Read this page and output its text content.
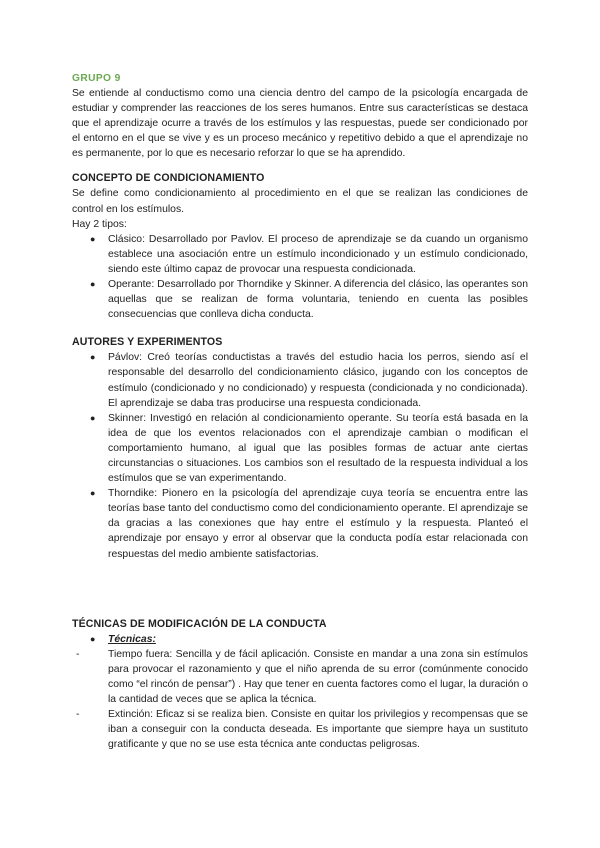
GRUPO 9

Se entiende al conductismo como una ciencia dentro del campo de la psicología encargada de estudiar y comprender las reacciones de los seres humanos. Entre sus características se destaca que el aprendizaje ocurre a través de los estímulos y las respuestas, puede ser condicionado por el entorno en el que se vive y es un proceso mecánico y repetitivo debido a que el aprendizaje no es permanente, por lo que es necesario reforzar lo que se ha aprendido.

CONCEPTO DE CONDICIONAMIENTO

Se define como condicionamiento al procedimiento en el que se realizan las condiciones de control en los estímulos.

Hay 2 tipos:

● Clásico: Desarrollado por Pavlov. El proceso de aprendizaje se da cuando un organismo establece una asociación entre un estímulo incondicionado y un estímulo condicionado, siendo este último capaz de provocar una respuesta condicionada.
● Operante: Desarrollado por Thorndike y Skinner. A diferencia del clásico, las operantes son aquellas que se realizan de forma voluntaria, teniendo en cuenta las posibles consecuencias que conlleva dicha conducta.
AUTORES Y EXPERIMENTOS
● Pávlov: Creó teorías conductistas a través del estudio hacia los perros, siendo así el responsable del desarrollo del condicionamiento clásico, jugando con los conceptos de estímulo (condicionado y no condicionado) y respuesta (condicionada y no condicionada). El aprendizaje se daba tras producirse una respuesta condicionada.
● Skinner: Investigó en relación al condicionamiento operante. Su teoría está basada en la idea de que los eventos relacionados con el aprendizaje cambian o modifican el comportamiento humano, al igual que las posibles formas de actuar ante ciertas circunstancias o situaciones. Los cambios son el resultado de la respuesta individual a los estímulos que se van experimentando.
● Thorndike: Pionero en la psicología del aprendizaje cuya teoría se encuentra entre las teorías base tanto del conductismo como del condicionamiento operante. El aprendizaje se da gracias a las conexiones que hay entre el estímulo y la respuesta. Planteó el aprendizaje por ensayo y error al observar que la conducta podía estar relacionada con respuestas del medio ambiente satisfactorias.
TÉCNICAS DE MODIFICACIÓN DE LA CONDUCTA
● Técnicas:
-	Tiempo fuera: Sencilla y de fácil aplicación. Consiste en mandar a una zona sin estímulos para provocar el razonamiento y que el niño aprenda de su error (comúnmente conocido como “el rincón de pensar”) . Hay que tener en cuenta factores como el lugar, la duración o la cantidad de veces que se aplica la técnica.
-	Extinción: Eficaz si se realiza bien. Consiste en quitar los privilegios y recompensas que se iban a conseguir con la conducta deseada. Es importante que siempre haya un sustituto gratificante y que no se use esta técnica ante conductas peligrosas.
